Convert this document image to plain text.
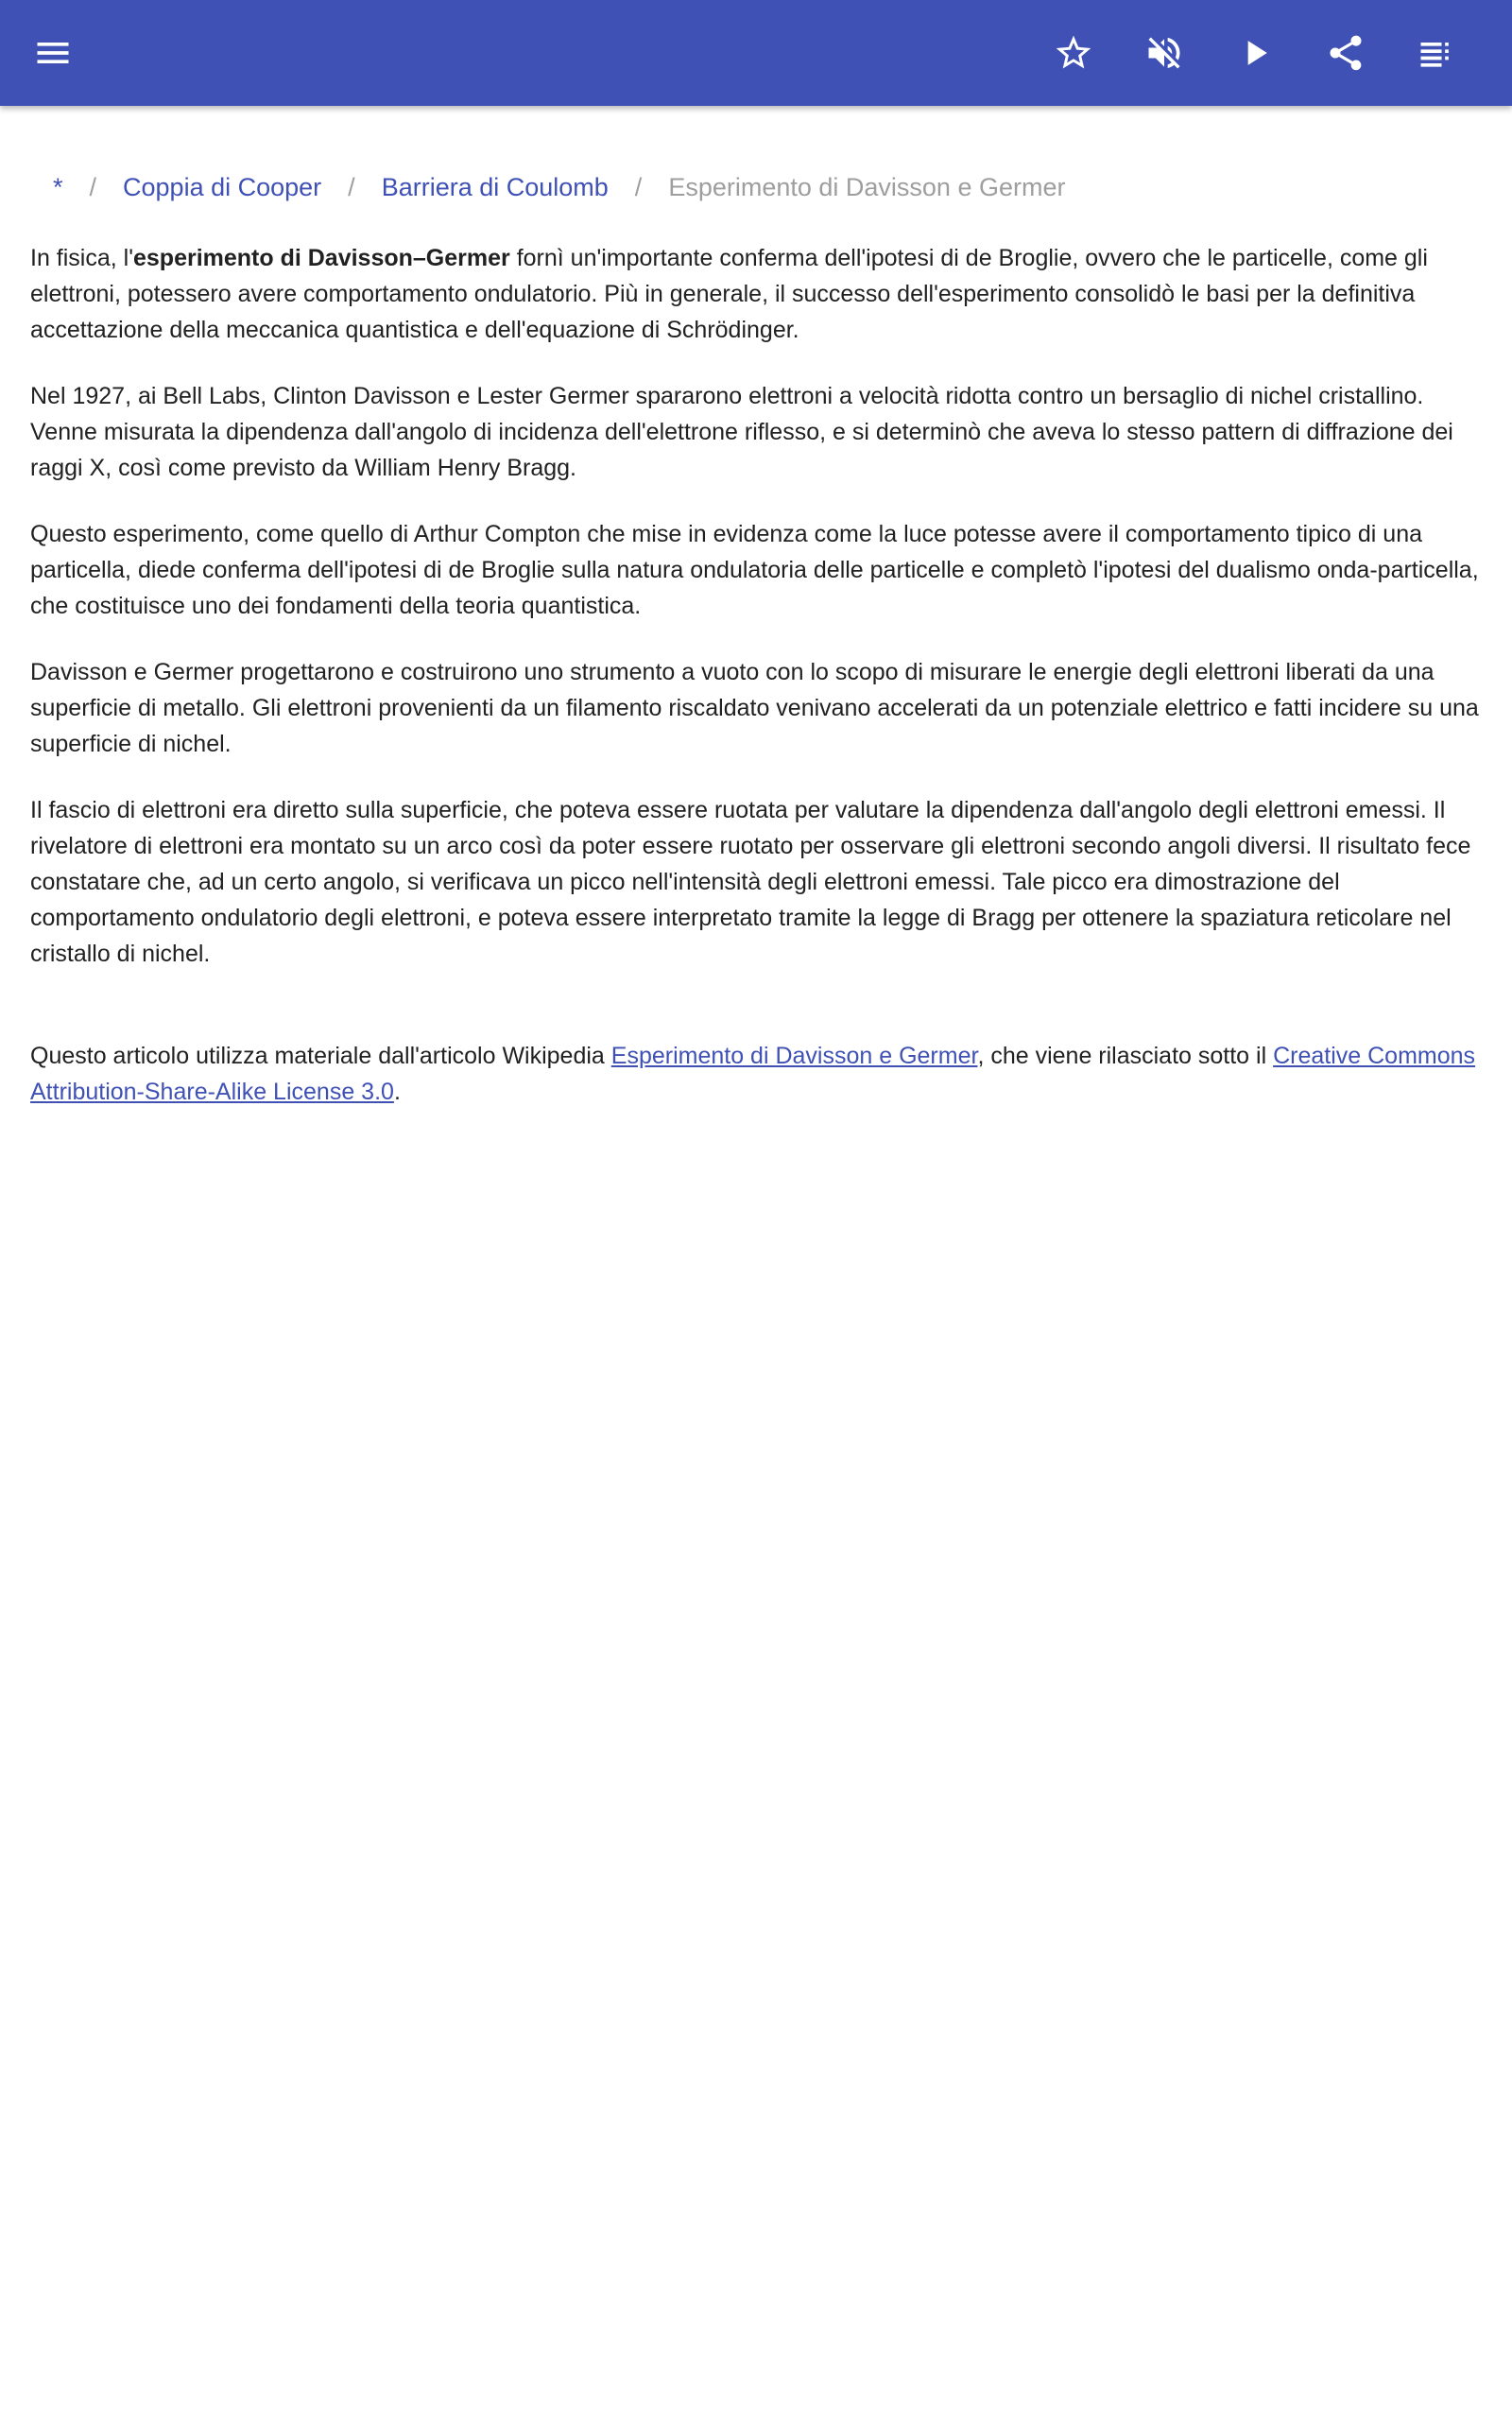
* / Coppia di Cooper / Barriera di Coulomb / Esperimento di Davisson e Germer

In fisica, l'esperimento di Davisson–Germer fornì un'importante conferma dell'ipotesi di de Broglie, ovvero che le particelle, come gli elettroni, potessero avere comportamento ondulatorio. Più in generale, il successo dell'esperimento consolidò le basi per la definitiva accettazione della meccanica quantistica e dell'equazione di Schrödinger.

Nel 1927, ai Bell Labs, Clinton Davisson e Lester Germer spararono elettroni a velocità ridotta contro un bersaglio di nichel cristallino. Venne misurata la dipendenza dall'angolo di incidenza dell'elettrone riflesso, e si determinò che aveva lo stesso pattern di diffrazione dei raggi X, così come previsto da William Henry Bragg.

Questo esperimento, come quello di Arthur Compton che mise in evidenza come la luce potesse avere il comportamento tipico di una particella, diede conferma dell'ipotesi di de Broglie sulla natura ondulatoria delle particelle e completò l'ipotesi del dualismo onda-particella, che costituisce uno dei fondamenti della teoria quantistica.

Davisson e Germer progettarono e costruirono uno strumento a vuoto con lo scopo di misurare le energie degli elettroni liberati da una superficie di metallo. Gli elettroni provenienti da un filamento riscaldato venivano accelerati da un potenziale elettrico e fatti incidere su una superficie di nichel.

Il fascio di elettroni era diretto sulla superficie, che poteva essere ruotata per valutare la dipendenza dall'angolo degli elettroni emessi. Il rivelatore di elettroni era montato su un arco così da poter essere ruotato per osservare gli elettroni secondo angoli diversi. Il risultato fece constatare che, ad un certo angolo, si verificava un picco nell'intensità degli elettroni emessi. Tale picco era dimostrazione del comportamento ondulatorio degli elettroni, e poteva essere interpretato tramite la legge di Bragg per ottenere la spaziatura reticolare nel cristallo di nichel.

Questo articolo utilizza materiale dall'articolo Wikipedia Esperimento di Davisson e Germer, che viene rilasciato sotto il Creative Commons Attribution-Share-Alike License 3.0.
